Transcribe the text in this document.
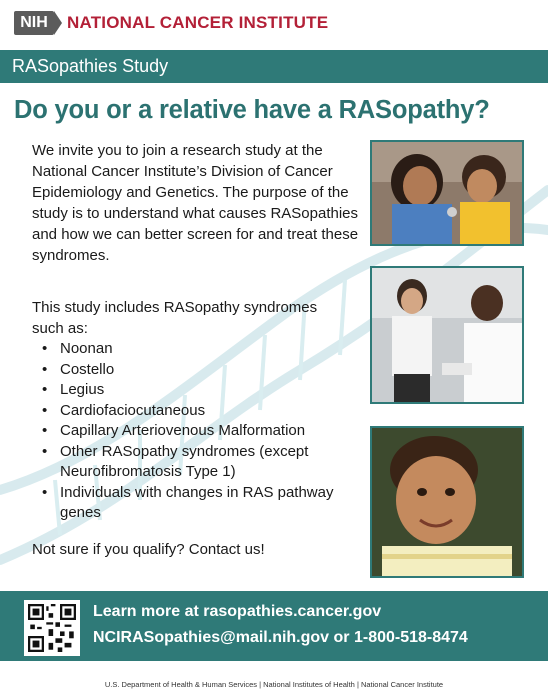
NIH	NATIONAL CANCER INSTITUTE
RASopathies Study
Do you or a relative have a RASopathy?
We invite you to join a research study at the National Cancer Institute’s Division of Cancer Epidemiology and Genetics. The purpose of the study is to understand what causes RASopathies and how we can better screen for and treat these syndromes.
This study includes RASopathy syndromes such as:
• Noonan
• Costello
• Legius
• Cardiofaciocutaneous
• Capillary Arteriovenous Malformation
• Other RASopathy syndromes (except Neurofibromatosis Type 1)
• Individuals with changes in RAS pathway genes
Not sure if you qualify? Contact us!
Learn more at rasopathies.cancer.gov
NCIRASopathies@mail.nih.gov or 1-800-518-8474
U.S. Department of Health & Human Services | National Institutes of Health | National Cancer Institute
